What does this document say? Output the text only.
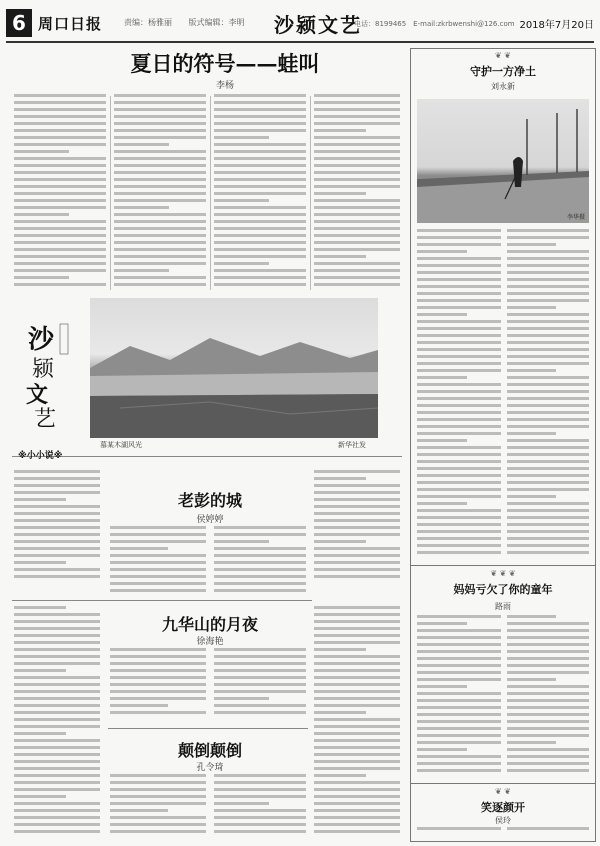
6 周口日报	责编：杨雅丽 版式编辑：李明	沙颍文艺
电话：8199465　E-mail:zkrbwenshi@126.com 2018年7月20日
夏日的符号——蛙叫
李杨
沙
颍
文
艺
慕某木湖风光	新华社发
※小小说※
老彭的城
侯婷婷
九华山的月夜
徐海艳
颠倒颠倒
孔令琦
❦ ❦
守护一方净土
刘永新
李华摄
❦ ❦ ❦
妈妈亏欠了你的童年
路雨
❦ ❦
笑逐颜开
侯玲
